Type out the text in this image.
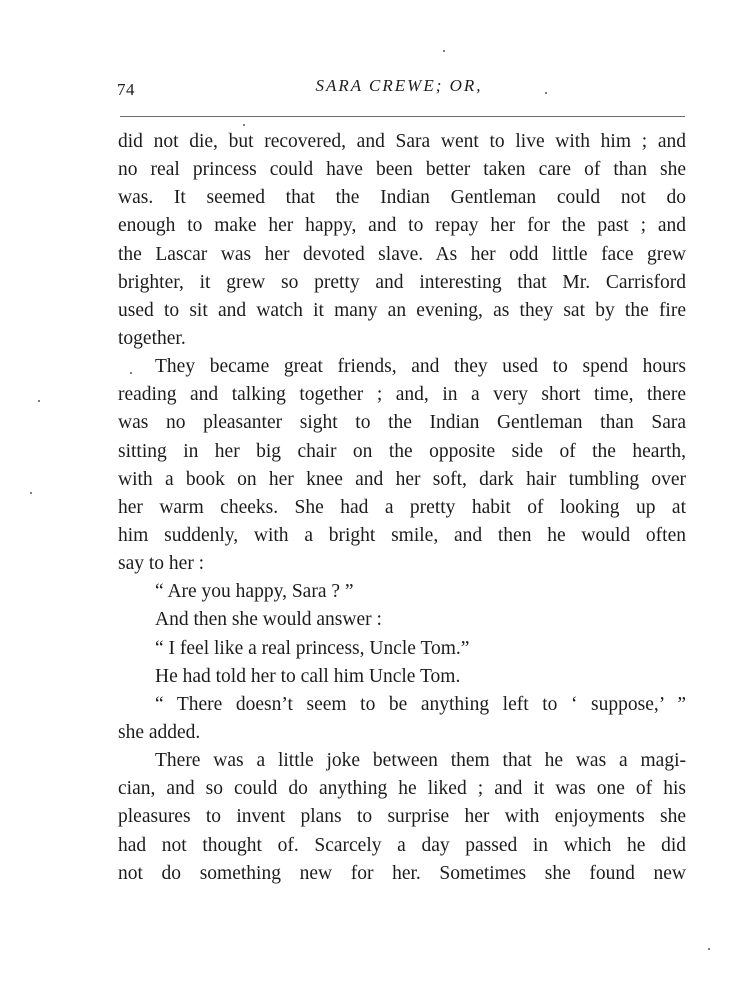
74	SARA CREWE; OR,
did not die, but recovered, and Sara went to live with him ; and
no real princess could have been better taken care of than she
was. It seemed that the Indian Gentleman could not do
enough to make her happy, and to repay her for the past ; and
the Lascar was her devoted slave. As her odd little face grew
brighter, it grew so pretty and interesting that Mr. Carrisford
used to sit and watch it many an evening, as they sat by the fire
together.
They became great friends, and they used to spend hours
reading and talking together ; and, in a very short time, there
was no pleasanter sight to the Indian Gentleman than Sara
sitting in her big chair on the opposite side of the hearth,
with a book on her knee and her soft, dark hair tumbling over
her warm cheeks. She had a pretty habit of looking up at
him suddenly, with a bright smile, and then he would often
say to her :
“ Are you happy, Sara ? ”
And then she would answer :
“ I feel like a real princess, Uncle Tom.”
He had told her to call him Uncle Tom.
“ There doesn’t seem to be anything left to ‘ suppose,’ ”
she added.
There was a little joke between them that he was a magi-
cian, and so could do anything he liked ; and it was one of his
pleasures to invent plans to surprise her with enjoyments she
had not thought of. Scarcely a day passed in which he did
not do something new for her. Sometimes she found new
